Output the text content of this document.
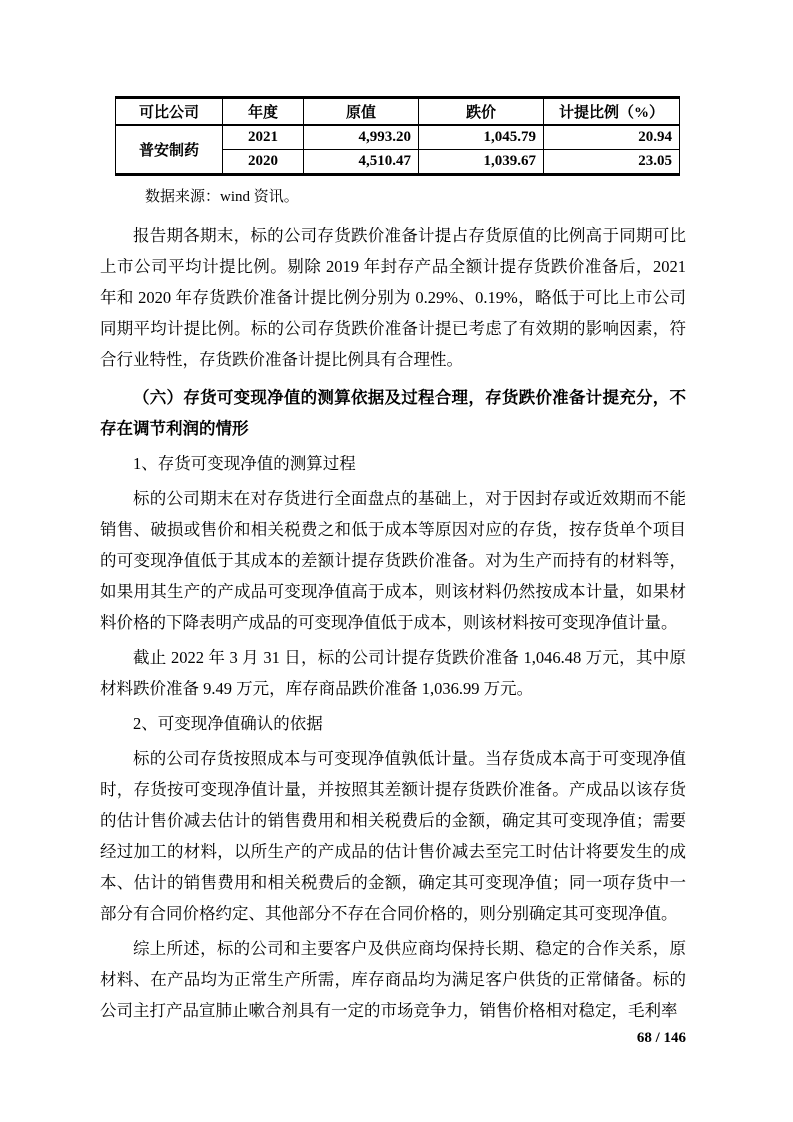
可比公司	年度	原值	跌价	计提比例（%）
普安制药	2021	4,993.20	1,045.79	20.94
	2020	4,510.47	1,039.67	23.05

数据来源：wind 资讯。

报告期各期末，标的公司存货跌价准备计提占存货原值的比例高于同期可比上市公司平均计提比例。剔除 2019 年封存产品全额计提存货跌价准备后，2021 年和 2020 年存货跌价准备计提比例分别为 0.29%、0.19%，略低于可比上市公司同期平均计提比例。标的公司存货跌价准备计提已考虑了有效期的影响因素，符合行业特性，存货跌价准备计提比例具有合理性。

（六）存货可变现净值的测算依据及过程合理，存货跌价准备计提充分，不存在调节利润的情形

1、存货可变现净值的测算过程

标的公司期末在对存货进行全面盘点的基础上，对于因封存或近效期而不能销售、破损或售价和相关税费之和低于成本等原因对应的存货，按存货单个项目的可变现净值低于其成本的差额计提存货跌价准备。对为生产而持有的材料等，如果用其生产的产成品可变现净值高于成本，则该材料仍然按成本计量，如果材料价格的下降表明产成品的可变现净值低于成本，则该材料按可变现净值计量。

截止 2022 年 3 月 31 日，标的公司计提存货跌价准备 1,046.48 万元，其中原材料跌价准备 9.49 万元，库存商品跌价准备 1,036.99 万元。

2、可变现净值确认的依据

标的公司存货按照成本与可变现净值孰低计量。当存货成本高于可变现净值时，存货按可变现净值计量，并按照其差额计提存货跌价准备。产成品以该存货的估计售价减去估计的销售费用和相关税费后的金额，确定其可变现净值；需要经过加工的材料，以所生产的产成品的估计售价减去至完工时估计将要发生的成本、估计的销售费用和相关税费后的金额，确定其可变现净值；同一项存货中一部分有合同价格约定、其他部分不存在合同价格的，则分别确定其可变现净值。

综上所述，标的公司和主要客户及供应商均保持长期、稳定的合作关系，原材料、在产品均为正常生产所需，库存商品均为满足客户供货的正常储备。标的公司主打产品宣肺止嗽合剂具有一定的市场竞争力，销售价格相对稳定，毛利率

68 / 146
